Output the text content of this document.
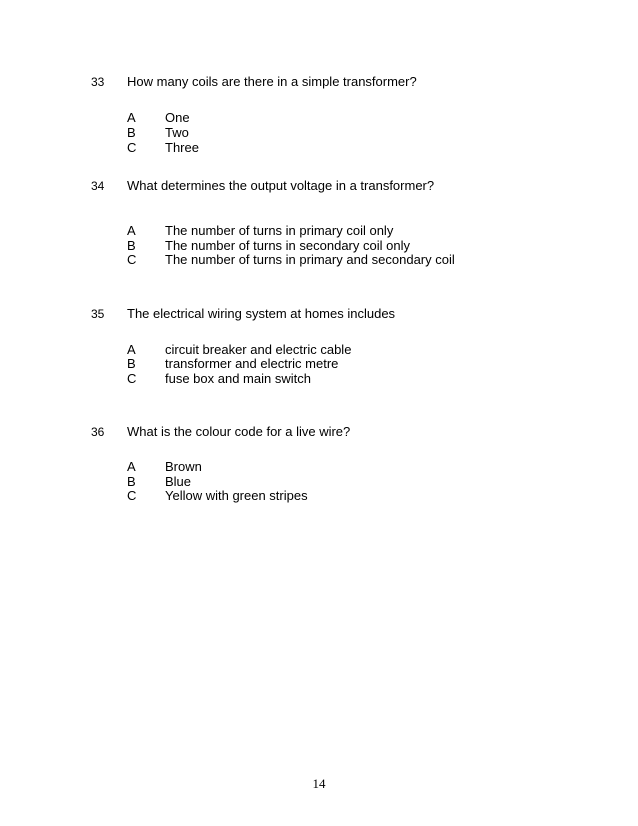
33 How many coils are there in a simple transformer?
A One
B Two
C Three
34 What determines the output voltage in a transformer?
A The number of turns in primary coil only
B The number of turns in secondary coil only
C The number of turns in primary and secondary coil
35 The electrical wiring system at homes includes
A circuit breaker and electric cable
B transformer and electric metre
C fuse box and main switch
36 What is the colour code for a live wire?
A Brown
B Blue
C Yellow with green stripes
14
